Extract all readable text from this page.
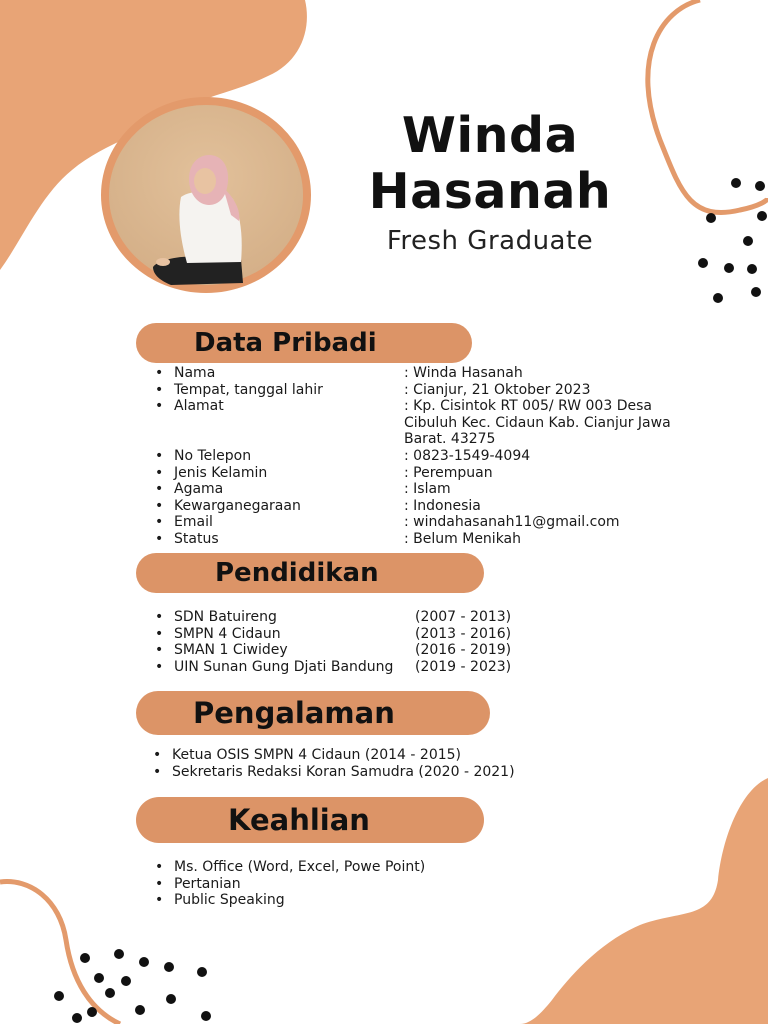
Winda
Hasanah
Fresh Graduate
Data Pribadi
• Nama	: Winda Hasanah
• Tempat, tanggal lahir	: Cianjur, 21 Oktober 2023
• Alamat	: Kp. Cisintok RT 005/ RW 003 Desa Cibuluh Kec. Cidaun Kab. Cianjur Jawa Barat. 43275
• No Telepon	: 0823-1549-4094
• Jenis Kelamin	: Perempuan
• Agama	: Islam
• Kewarganegaraan	: Indonesia
• Email	: windahasanah11@gmail.com
• Status	: Belum Menikah
Pendidikan
• SDN Batuireng	(2007 - 2013)
• SMPN 4 Cidaun	(2013 - 2016)
• SMAN 1 Ciwidey	(2016 - 2019)
• UIN Sunan Gung Djati Bandung	(2019 - 2023)
Pengalaman
• Ketua OSIS SMPN 4 Cidaun (2014 - 2015)
• Sekretaris Redaksi Koran Samudra (2020 - 2021)
Keahlian
• Ms. Office (Word, Excel, Powe Point)
• Pertanian
• Public Speaking
